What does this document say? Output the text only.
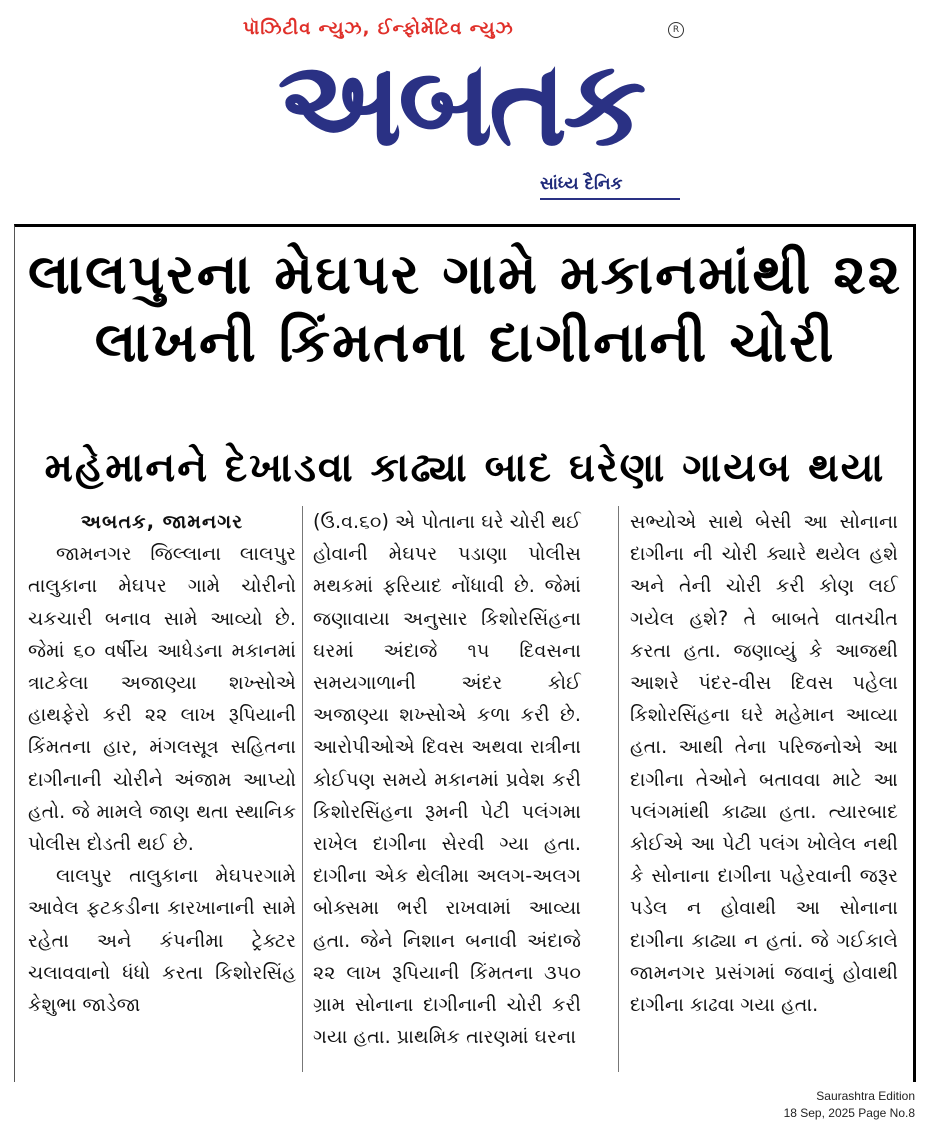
પૉઝિટીવ ન્યુઝ, ઈન્ફોર્મેટિવ ન્યુઝ	R
અબતક
સાંધ્ય દૈનિક
લાલપુરના મેઘપર ગામે મકાનમાંથી ૨૨ લાખની કિંમતના દાગીનાની ચોરી
મહેમાનને દેખાડવા કાઢ્યા બાદ ઘરેણા ગાયબ થયા
અબતક, જામનગર

જામનગર જિલ્લાના લાલપુર તાલુકાના મેઘપર ગામે ચોરીનો ચકચારી બનાવ સામે આવ્યો છે. જેમાં ૬૦ વર્ષીય આધેડના મકાનમાં ત્રાટકેલા અજાણ્યા શખ્સોએ હાથફેરો કરી ૨૨ લાખ રૂપિયાની કિંમતના હાર, મંગલસૂત્ર સહિતના દાગીનાની ચોરીને અંજામ આપ્યો હતો. જે મામલે જાણ થતા સ્થાનિક પોલીસ દોડતી થઈ છે.

લાલપુર તાલુકાના મેઘપરગામે આવેલ ફટકડીના કારખાનાની સામે રહેતા અને કંપનીમા ટ્રેક્ટર ચલાવવાનો ધંધો કરતા કિશોરસિંહ કેશુભા જાડેજા

(ઉ.વ.૬૦) એ પોતાના ઘરે ચોરી થઈ હોવાની મેઘપર પડાણા પોલીસ મથકમાં ફરિયાદ નોંધાવી છે. જેમાં જણાવાયા અનુસાર કિશોરસિંહના ઘરમાં અંદાજે ૧૫ દિવસના સમયગાળાની અંદર કોઈ અજાણ્યા શખ્સોએ કળા કરી છે. આરોપીઓએ દિવસ અથવા રાત્રીના કોઈપણ સમયે મકાનમાં પ્રવેશ કરી કિશોરસિંહના રૂમની પેટી પલંગમા રાખેલ દાગીના સેરવી ગ્યા હતા. દાગીના એક થેલીમા અલગ-અલગ બોક્સમા ભરી રાખવામાં આવ્યા હતા. જેને નિશાન બનાવી અંદાજે ૨૨ લાખ રૂપિયાની કિંમતના ૩૫૦ ગ્રામ સોનાના દાગીનાની ચોરી કરી ગયા હતા. પ્રાથમિક તારણમાં ઘરના

સભ્યોએ સાથે બેસી આ સોનાના દાગીના ની ચોરી ક્યારે થયેલ હશે અને તેની ચોરી કરી કોણ લઈ ગયેલ હશે? તે બાબતે વાતચીત કરતા હતા. જણાવ્યું કે આજથી આશરે પંદર-વીસ દિવસ પહેલા કિશોરસિંહના ઘરે મહેમાન આવ્યા હતા. આથી તેના પરિજનોએ આ દાગીના તેઓને બતાવવા માટે આ પલંગમાંથી કાઢ્યા હતા. ત્યારબાદ કોઈએ આ પેટી પલંગ ખોલેલ નથી કે સોનાના દાગીના પહેરવાની જરૂર પડેલ ન હોવાથી આ સોનાના દાગીના કાઢ્યા ન હતાં. જે ગઈકાલે જામનગર પ્રસંગમાં જવાનું હોવાથી દાગીના કાઢવા ગયા હતા.

Saurashtra Edition
18 Sep, 2025 Page No.8
